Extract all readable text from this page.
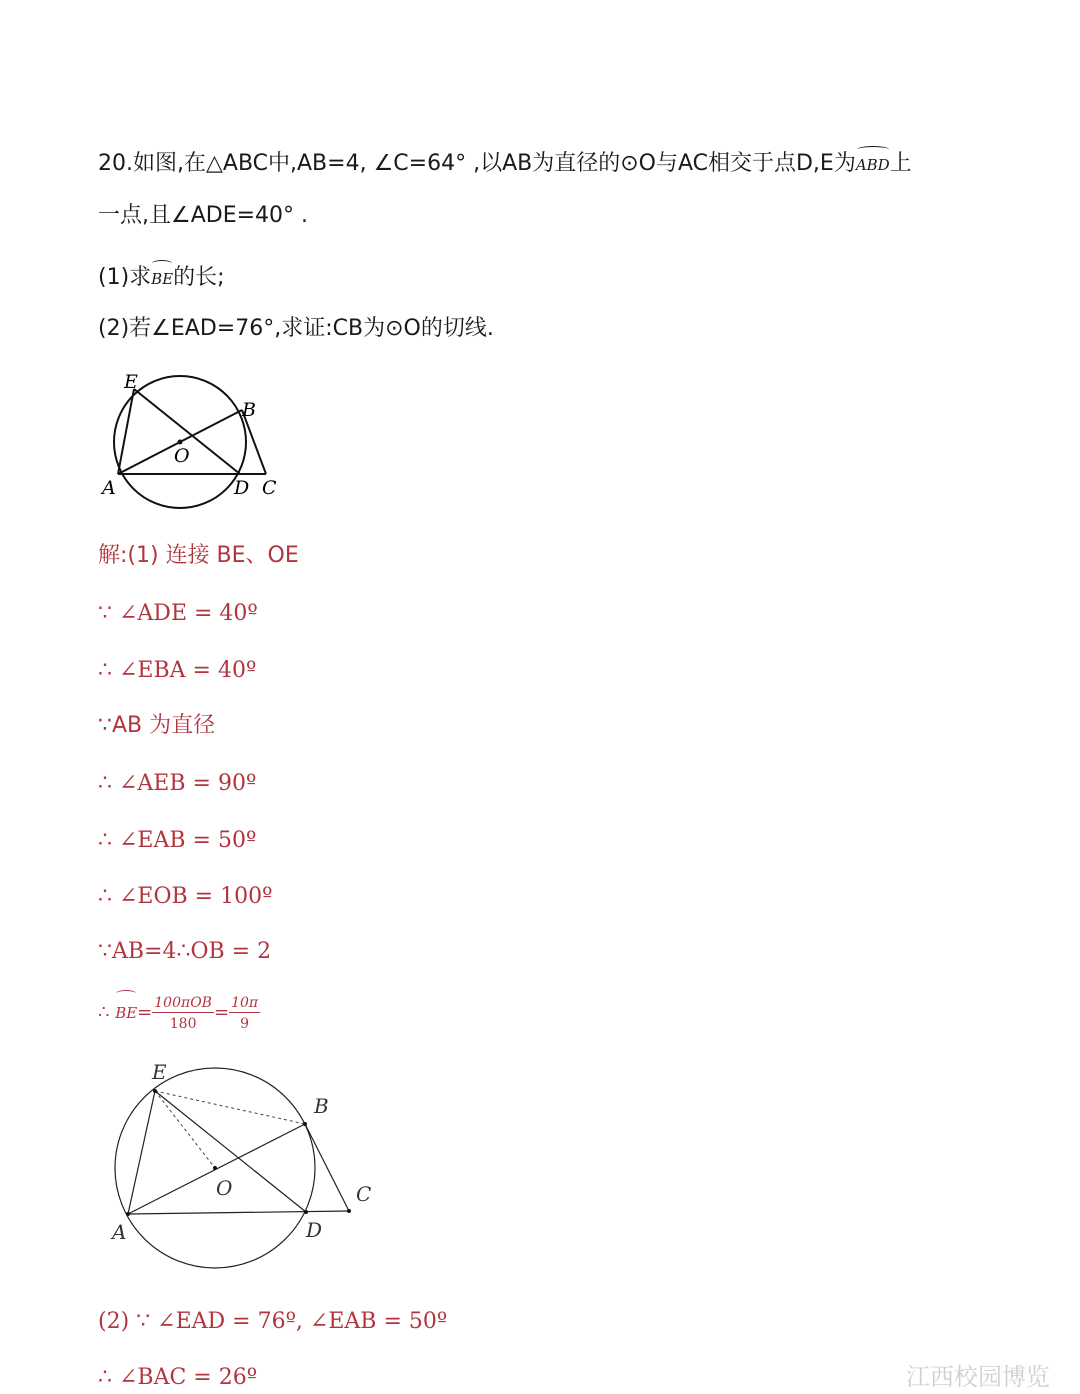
20.如图,在△ABC中,AB=4, ∠C=64° ,以AB为直径的⊙O与AC相交于点D,E为ABD上
一点,且∠ADE=40° .
(1)求BE的长;
(2)若∠EAD=76°,求证:CB为⊙O的切线.
E
B
O
A	D C
解:(1) 连接 BE、OE
∵ ∠ADE = 40º
∴ ∠EBA = 40º
∵AB 为直径
∴ ∠AEB = 90º
∴ ∠EAB = 50º
∴ ∠EOB = 100º
∵AB=4∴OB = 2
∴ $BE= \frac{\text{100πOB}}{180} = \frac{10\pi}{9}$
E
B
O
A	D
C
(2) ∵ ∠EAD = 76º, ∠EAB = 50º
∴ ∠BAC = 26º	江西校园博览
